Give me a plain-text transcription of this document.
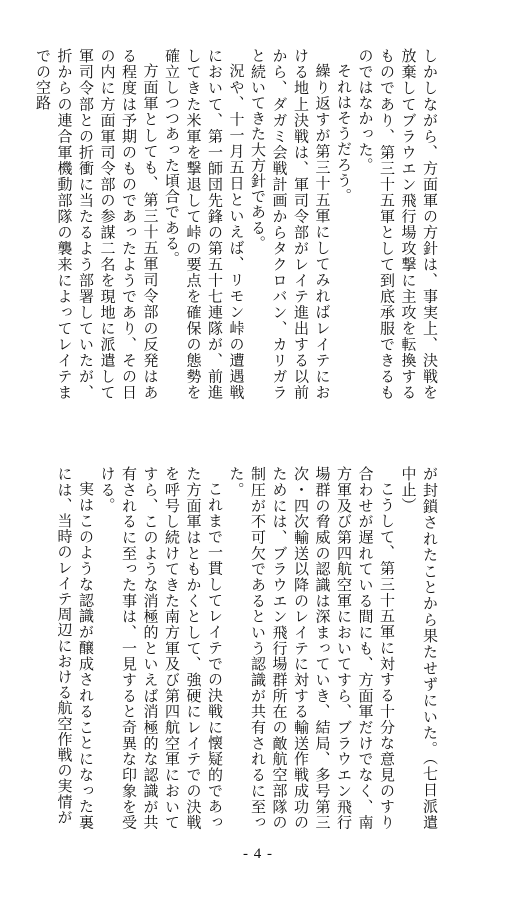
しかしながら、方面軍の方針は、事実上、決戦を放棄してブラウエン飛行場攻撃に主攻を転換するものであり、第三十五軍として到底承服できるものではなかった。

それはそうだろう。

繰り返すが第三十五軍にしてみればレイテにおける地上決戦は、軍司令部がレイテ進出する以前から、ダガミ会戦計画からタクロバン、カリガラと続いてきた大方針である。

況や、十一月五日といえば、リモン峠の遭遇戦において、第一師団先鋒の第五十七連隊が、前進してきた米軍を撃退して峠の要点を確保の態勢を確立しつつあった頃合である。

方面軍としても、第三十五軍司令部の反発はある程度は予期のものであったようであり、その日の内に方面軍司令部の参謀二名を現地に派遣して軍司令部との折衝に当たるよう部署していたが、折からの連合軍機動部隊の襲来によってレイテまでの空路

が封鎖されたことから果たせずにいた。（七日派遣中止）

こうして、第三十五軍に対する十分な意見のすり合わせが遅れている間にも、方面軍だけでなく、南方軍及び第四航空軍においてすら、ブラウエン飛行場群の脅威の認識は深まっていき、結局、多号第三次・四次輸送以降のレイテに対する輸送作戦成功のためには、ブラウエン飛行場群所在の敵航空部隊の制圧が不可欠であるという認識が共有されるに至った。

これまで一貫してレイテでの決戦に懐疑的であった方面軍はともかくとして、強硬にレイテでの決戦を呼号し続けてきた南方軍及び第四航空軍においてすら、このような消極的といえば消極的な認識が共有されるに至った事は、一見すると奇異な印象を受ける。

実はこのような認識が醸成されることになった裏には、当時のレイテ周辺における航空作戦の実情が

- 4 -
